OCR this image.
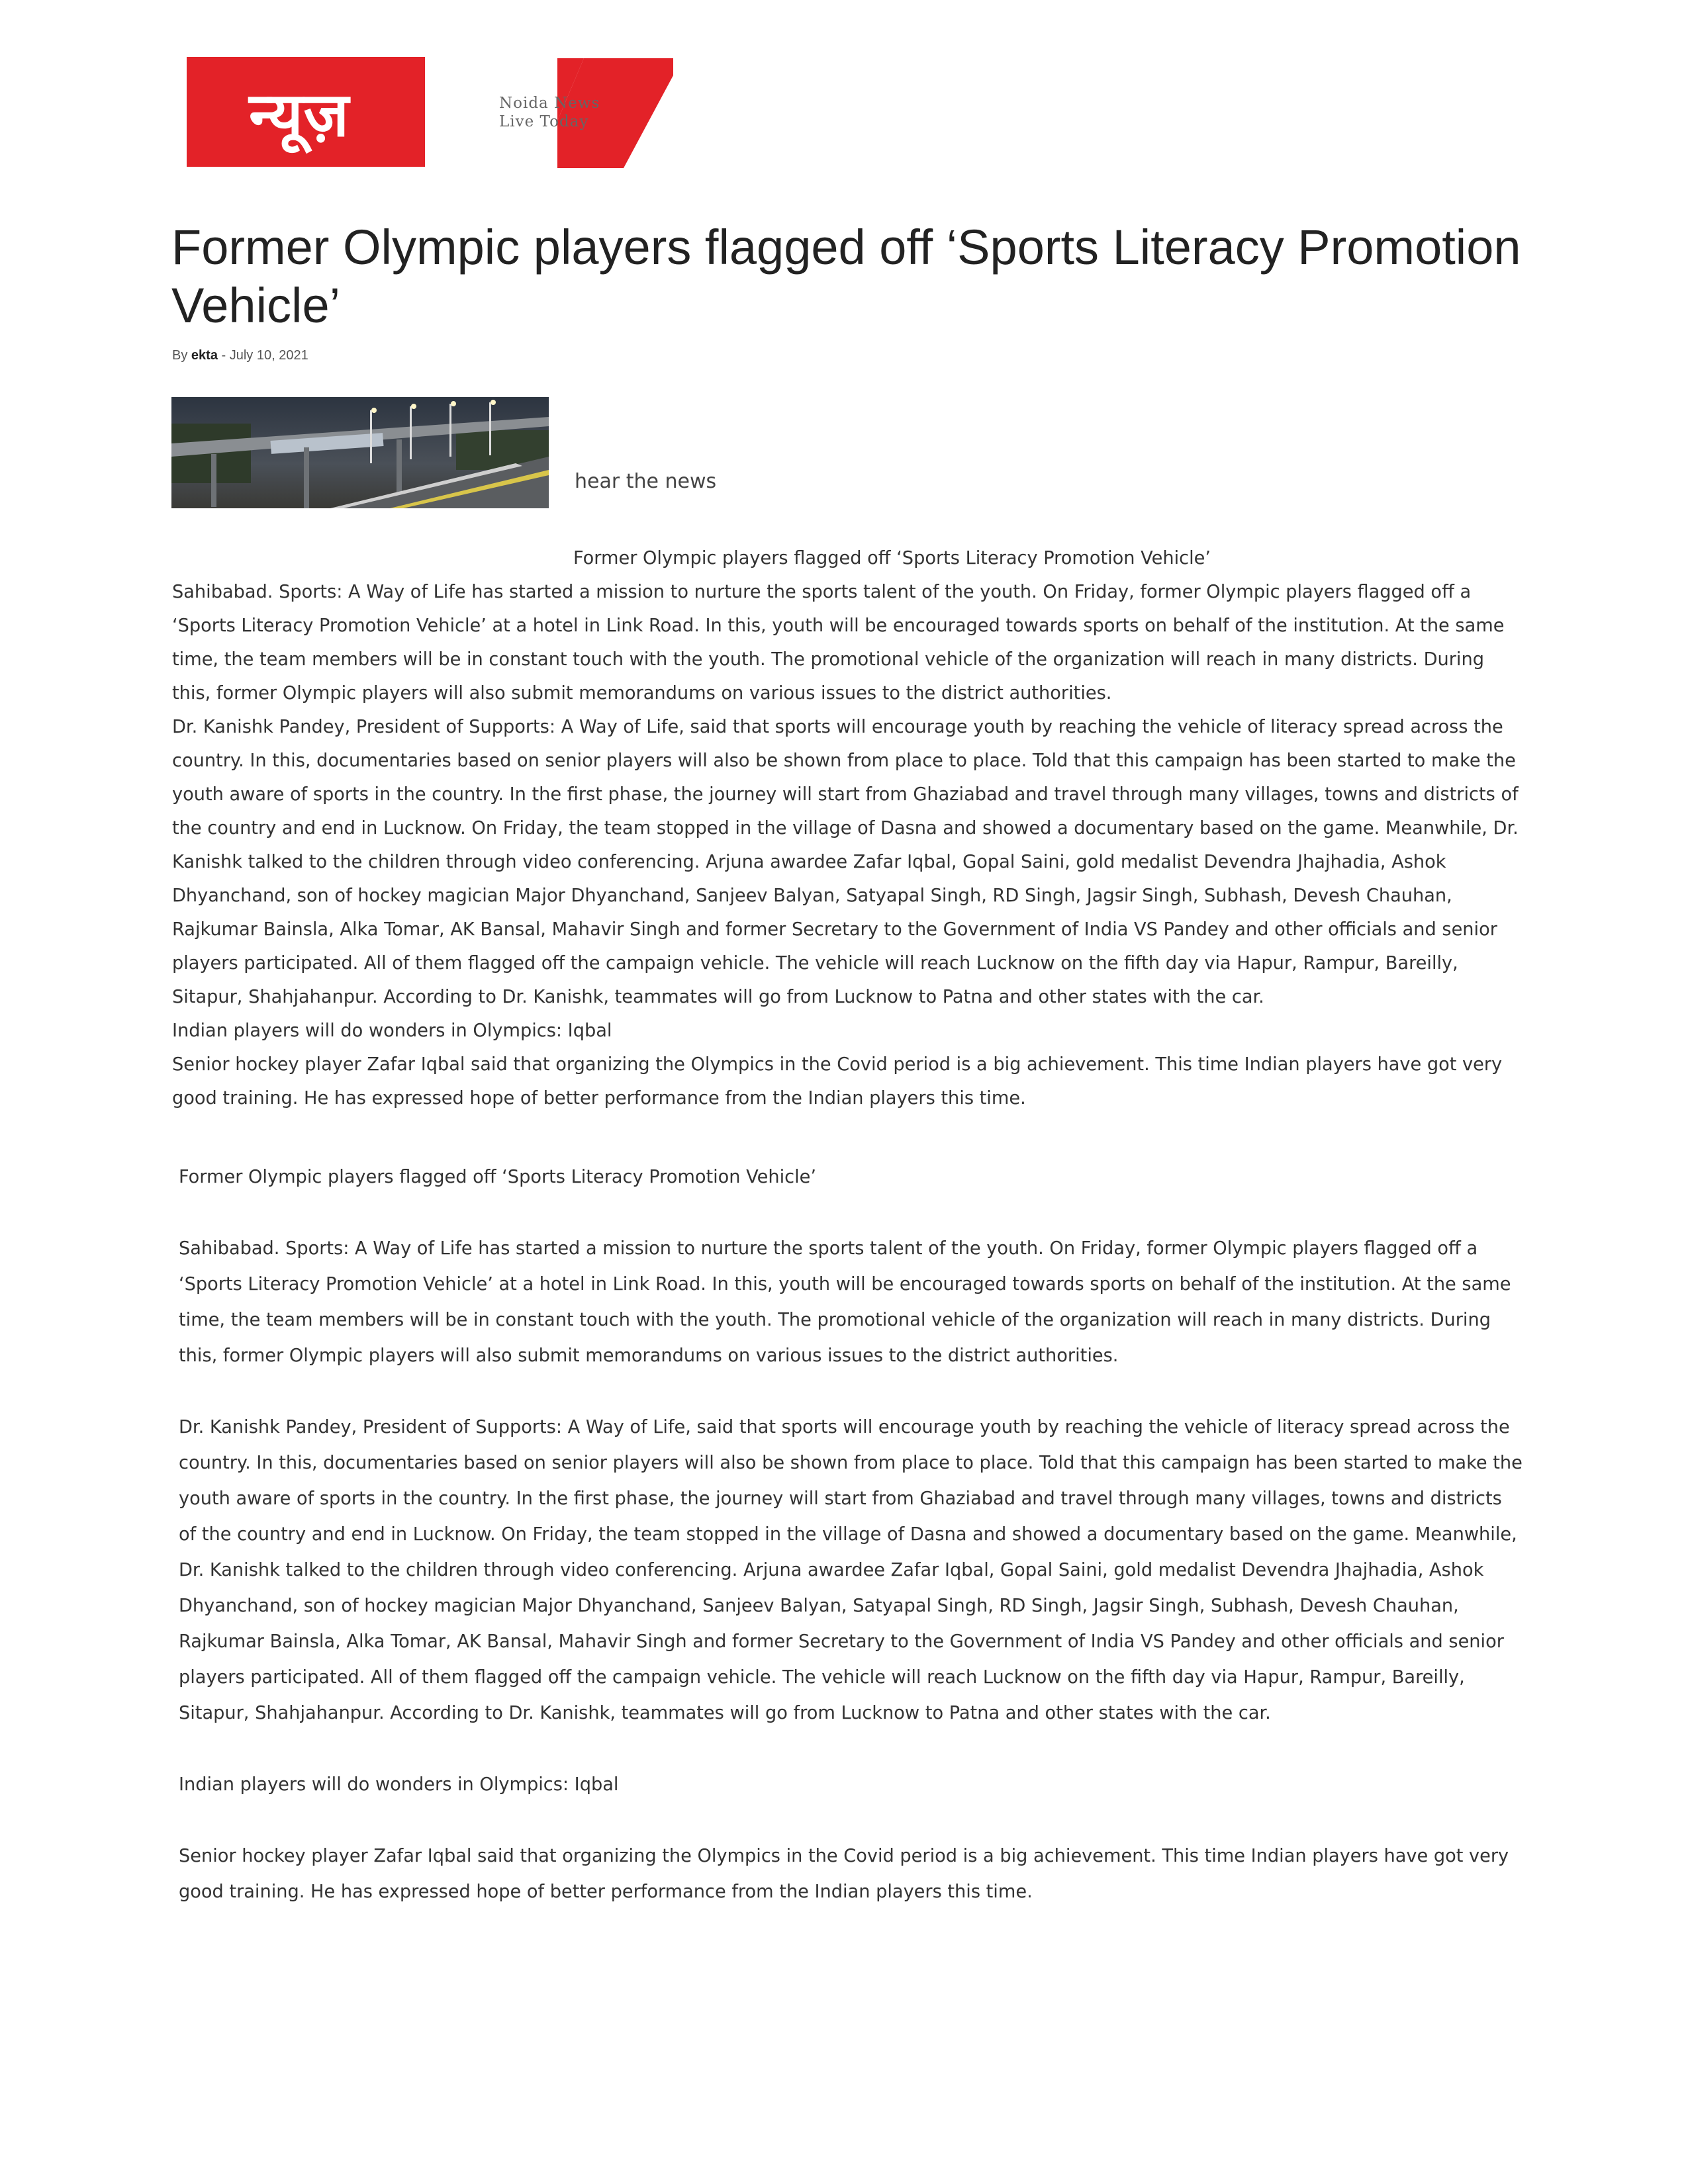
न्यूज़	Noida News
Live Today
Former Olympic players flagged off ‘Sports Literacy Promotion Vehicle’
By ekta - July 10, 2021
hear the news
Former Olympic players flagged off ‘Sports Literacy Promotion Vehicle’

Sahibabad. Sports: A Way of Life has started a mission to nurture the sports talent of the youth. On Friday, former Olympic players flagged off a ‘Sports Literacy Promotion Vehicle’ at a hotel in Link Road. In this, youth will be encouraged towards sports on behalf of the institution. At the same time, the team members will be in constant touch with the youth. The promotional vehicle of the organization will reach in many districts. During this, former Olympic players will also submit memorandums on various issues to the district authorities.

Dr. Kanishk Pandey, President of Supports: A Way of Life, said that sports will encourage youth by reaching the vehicle of literacy spread across the country. In this, documentaries based on senior players will also be shown from place to place. Told that this campaign has been started to make the youth aware of sports in the country. In the first phase, the journey will start from Ghaziabad and travel through many villages, towns and districts of the country and end in Lucknow. On Friday, the team stopped in the village of Dasna and showed a documentary based on the game. Meanwhile, Dr. Kanishk talked to the children through video conferencing. Arjuna awardee Zafar Iqbal, Gopal Saini, gold medalist Devendra Jhajhadia, Ashok Dhyanchand, son of hockey magician Major Dhyanchand, Sanjeev Balyan, Satyapal Singh, RD Singh, Jagsir Singh, Subhash, Devesh Chauhan, Rajkumar Bainsla, Alka Tomar, AK Bansal, Mahavir Singh and former Secretary to the Government of India VS Pandey and other officials and senior players participated. All of them flagged off the campaign vehicle. The vehicle will reach Lucknow on the fifth day via Hapur, Rampur, Bareilly, Sitapur, Shahjahanpur. According to Dr. Kanishk, teammates will go from Lucknow to Patna and other states with the car.

Indian players will do wonders in Olympics: Iqbal

Senior hockey player Zafar Iqbal said that organizing the Olympics in the Covid period is a big achievement. This time Indian players have got very good training. He has expressed hope of better performance from the Indian players this time.

Former Olympic players flagged off ‘Sports Literacy Promotion Vehicle’

Sahibabad. Sports: A Way of Life has started a mission to nurture the sports talent of the youth. On Friday, former Olympic players flagged off a ‘Sports Literacy Promotion Vehicle’ at a hotel in Link Road. In this, youth will be encouraged towards sports on behalf of the institution. At the same time, the team members will be in constant touch with the youth. The promotional vehicle of the organization will reach in many districts. During this, former Olympic players will also submit memorandums on various issues to the district authorities.

Dr. Kanishk Pandey, President of Supports: A Way of Life, said that sports will encourage youth by reaching the vehicle of literacy spread across the country. In this, documentaries based on senior players will also be shown from place to place. Told that this campaign has been started to make the youth aware of sports in the country. In the first phase, the journey will start from Ghaziabad and travel through many villages, towns and districts of the country and end in Lucknow. On Friday, the team stopped in the village of Dasna and showed a documentary based on the game. Meanwhile, Dr. Kanishk talked to the children through video conferencing. Arjuna awardee Zafar Iqbal, Gopal Saini, gold medalist Devendra Jhajhadia, Ashok Dhyanchand, son of hockey magician Major Dhyanchand, Sanjeev Balyan, Satyapal Singh, RD Singh, Jagsir Singh, Subhash, Devesh Chauhan, Rajkumar Bainsla, Alka Tomar, AK Bansal, Mahavir Singh and former Secretary to the Government of India VS Pandey and other officials and senior players participated. All of them flagged off the campaign vehicle. The vehicle will reach Lucknow on the fifth day via Hapur, Rampur, Bareilly, Sitapur, Shahjahanpur. According to Dr. Kanishk, teammates will go from Lucknow to Patna and other states with the car.

Indian players will do wonders in Olympics: Iqbal

Senior hockey player Zafar Iqbal said that organizing the Olympics in the Covid period is a big achievement. This time Indian players have got very good training. He has expressed hope of better performance from the Indian players this time.
